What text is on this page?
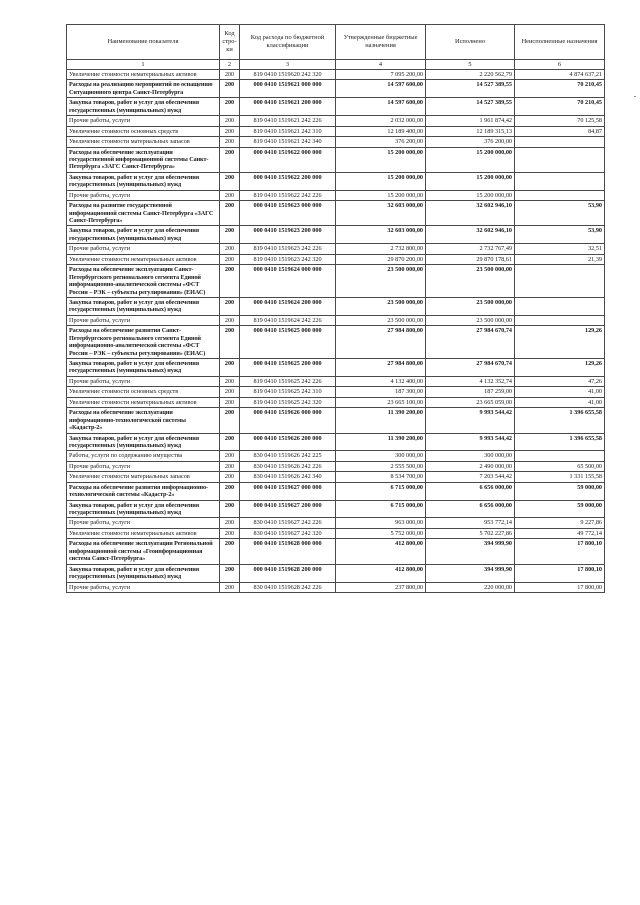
Наименование показателя	Код стро-ки	Код расхода по бюджетной классификации	Утвержденные бюджетные назначения	Исполнено	Неисполненные назначения
1	2	3	4	5	6
Увеличение стоимости нематериальных активов	200	819 0410 1519620 242 320	7 095 200,00	2 220 562,79	4 874 637,21
Расходы на реализацию мероприятий по оснащению Ситуационного центра Санкт-Петербурга	200	000 0410 1519621 000 000	14 597 600,00	14 527 389,55	70 210,45
Закупка товаров, работ и услуг для обеспечения государственных (муниципальных) нужд	200	000 0410 1519621 200 000	14 597 600,00	14 527 389,55	70 210,45
Прочие работы, услуги	200	819 0410 1519621 242 226	2 032 000,00	1 961 874,42	70 125,58
Увеличение стоимости основных средств	200	819 0410 1519621 242 310	12 189 400,00	12 189 315,13	84,87
Увеличение стоимости материальных запасов	200	819 0410 1519621 242 340	376 200,00	376 200,00	
Расходы на обеспечение эксплуатации государственной информационной системы Санкт-Петербурга «ЗАГС Санкт-Петербурга»	200	000 0410 1519622 000 000	15 200 000,00	15 200 000,00	
Закупка товаров, работ и услуг для обеспечения государственных (муниципальных) нужд	200	000 0410 1519622 200 000	15 200 000,00	15 200 000,00	
Прочие работы, услуги	200	819 0410 1519622 242 226	15 200 000,00	15 200 000,00	
Расходы на развитие государственной информационной системы Санкт-Петербурга «ЗАГС Санкт-Петербурга»	200	000 0410 1519623 000 000	32 603 000,00	32 602 946,10	53,90
Закупка товаров, работ и услуг для обеспечения государственных (муниципальных) нужд	200	000 0410 1519623 200 000	32 603 000,00	32 602 946,10	53,90
Прочие работы, услуги	200	819 0410 1519623 242 226	2 732 800,00	2 732 767,49	32,51
Увеличение стоимости нематериальных активов	200	819 0410 1519623 242 320	29 870 200,00	29 870 178,61	21,39
Расходы на обеспечение эксплуатации Санкт-Петербургского регионального сегмента Единой информационно-аналитической системы «ФСТ России – РЭК – субъекты регулирования» (ЕИАС)	200	000 0410 1519624 000 000	23 500 000,00	23 500 000,00	
Закупка товаров, работ и услуг для обеспечения государственных (муниципальных) нужд	200	000 0410 1519624 200 000	23 500 000,00	23 500 000,00	
Прочие работы, услуги	200	819 0410 1519624 242 226	23 500 000,00	23 500 000,00	
Расходы на обеспечение развития Санкт-Петербургского регионального сегмента Единой информационно-аналитической системы «ФСТ России – РЭК – субъекты регулирования» (ЕИАС)	200	000 0410 1519625 000 000	27 984 800,00	27 984 670,74	129,26
Закупка товаров, работ и услуг для обеспечения государственных (муниципальных) нужд	200	000 0410 1519625 200 000	27 984 800,00	27 984 670,74	129,26
Прочие работы, услуги	200	819 0410 1519625 242 226	4 132 400,00	4 132 352,74	47,26
Увеличение стоимости основных средств	200	819 0410 1519625 242 310	187 300,00	187 259,00	41,00
Увеличение стоимости нематериальных активов	200	819 0410 1519625 242 320	23 665 100,00	23 665 059,00	41,00
Расходы на обеспечение эксплуатации информационно-технологической системы «Кадастр-2»	200	000 0410 1519626 000 000	11 390 200,00	9 993 544,42	1 396 655,58
Закупка товаров, работ и услуг для обеспечения государственных (муниципальных) нужд	200	000 0410 1519626 200 000	11 390 200,00	9 993 544,42	1 396 655,58
Работы, услуги по содержанию имущества	200	830 0410 1519626 242 225	300 000,00	300 000,00	
Прочие работы, услуги	200	830 0410 1519626 242 226	2 555 500,00	2 490 000,00	65 500,00
Увеличение стоимости материальных запасов	200	830 0410 1519626 242 340	8 534 700,00	7 203 544,42	1 331 155,58
Расходы на обеспечение развития информационно-технологической системы «Кадастр-2»	200	000 0410 1519627 000 000	6 715 000,00	6 656 000,00	59 000,00
Закупка товаров, работ и услуг для обеспечения государственных (муниципальных) нужд	200	000 0410 1519627 200 000	6 715 000,00	6 656 000,00	59 000,00
Прочие работы, услуги	200	830 0410 1519627 242 226	963 000,00	953 772,14	9 227,86
Увеличение стоимости нематериальных активов	200	830 0410 1519627 242 320	5 752 000,00	5 702 227,86	49 772,14
Расходы на обеспечение эксплуатации Региональной информационной системы «Геоинформационная система Санкт-Петербурга»	200	000 0410 1519628 000 000	412 800,00	394 999,90	17 800,10
Закупка товаров, работ и услуг для обеспечения государственных (муниципальных) нужд	200	000 0410 1519628 200 000	412 800,00	394 999,90	17 800,10
Прочие работы, услуги	200	830 0410 1519628 242 226	237 800,00	220 000,00	17 800,00
